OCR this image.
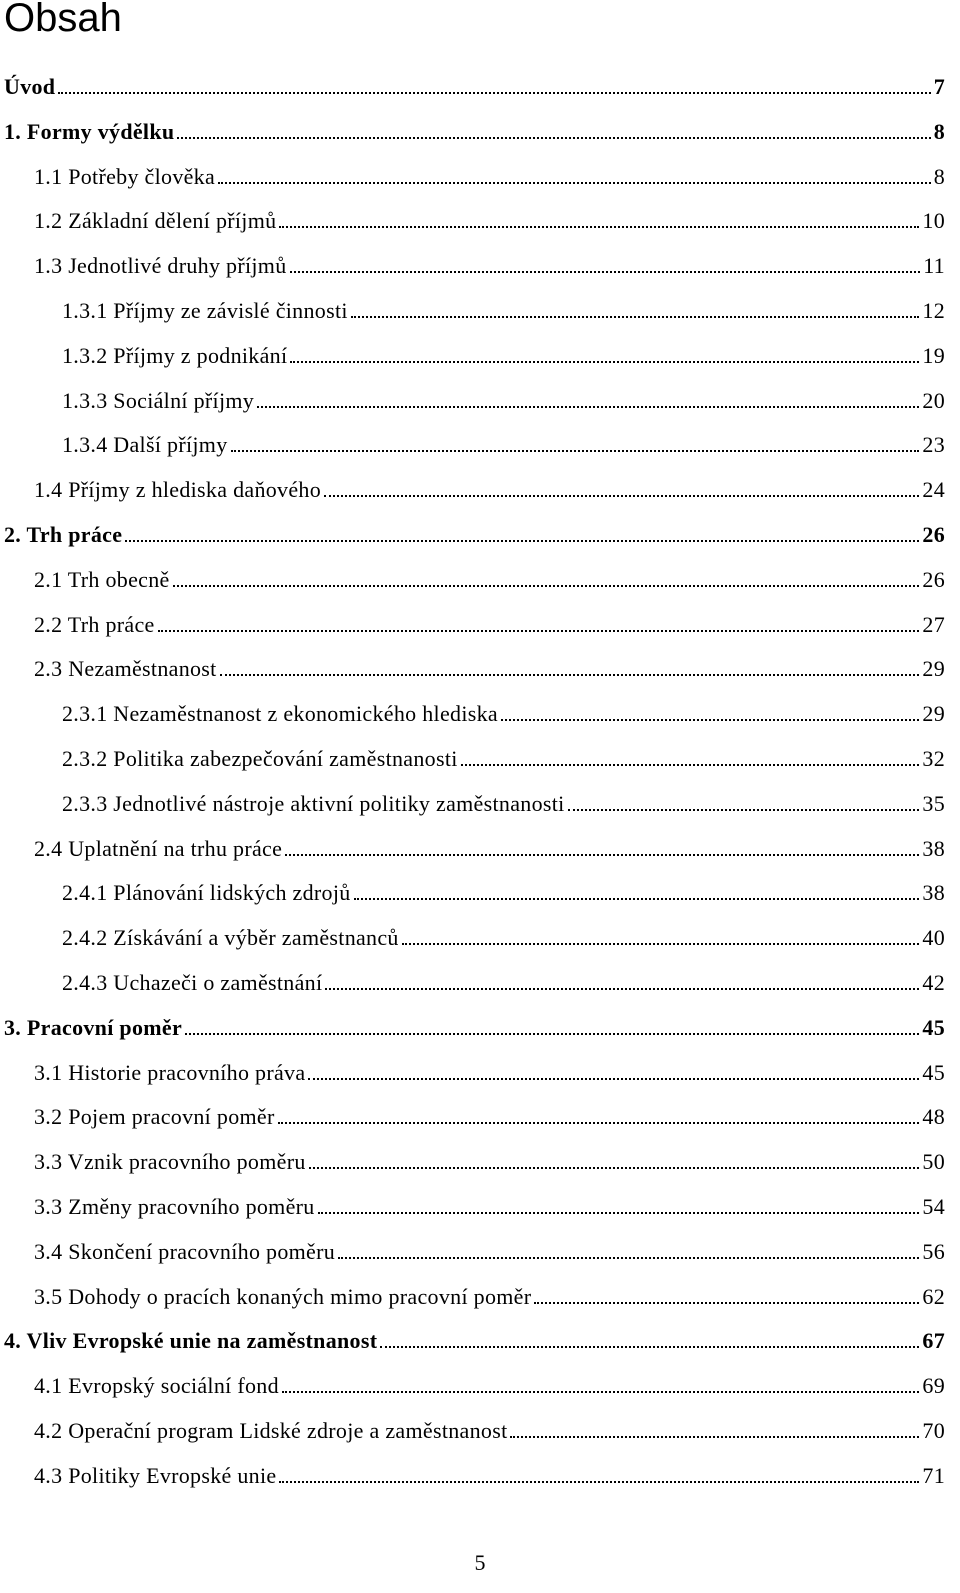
Obsah
Úvod	7
1. Formy výdělku	8
1.1 Potřeby člověka	8
1.2 Základní dělení příjmů	10
1.3 Jednotlivé druhy příjmů	11
1.3.1 Příjmy ze závislé činnosti	12
1.3.2 Příjmy z podnikání	19
1.3.3 Sociální příjmy	20
1.3.4 Další příjmy	23
1.4 Příjmy z hlediska daňového	24
2. Trh práce	26
2.1 Trh obecně	26
2.2 Trh práce	27
2.3 Nezaměstnanost	29
2.3.1 Nezaměstnanost z ekonomického hlediska	29
2.3.2 Politika zabezpečování zaměstnanosti	32
2.3.3 Jednotlivé nástroje aktivní politiky zaměstnanosti	35
2.4 Uplatnění na trhu práce	38
2.4.1 Plánování lidských zdrojů	38
2.4.2 Získávání a výběr zaměstnanců	40
2.4.3 Uchazeči o zaměstnání	42
3. Pracovní poměr	45
3.1 Historie pracovního práva	45
3.2 Pojem pracovní poměr	48
3.3 Vznik pracovního poměru	50
3.3 Změny pracovního poměru	54
3.4 Skončení pracovního poměru	56
3.5 Dohody o pracích konaných mimo pracovní poměr	62
4. Vliv Evropské unie na zaměstnanost	67
4.1 Evropský sociální fond	69
4.2 Operační program Lidské zdroje a zaměstnanost	70
4.3 Politiky Evropské unie	71
5
